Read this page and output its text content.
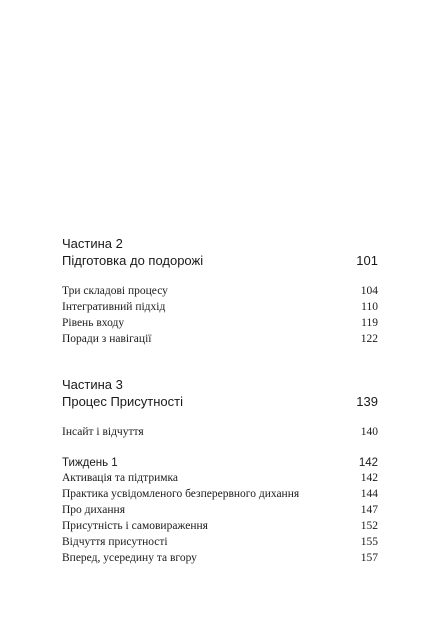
Частина 2
Підготовка до подорожі	101
Три складові процесу	104
Інтегративний підхід	110
Рівень входу	119
Поради з навігації	122
Частина 3
Процес Присутності	139
Інсайт і відчуття	140
Тиждень 1	142
Активація та підтримка	142
Практика усвідомленого безперервного дихання	144
Про дихання	147
Присутність і самовираження	152
Відчуття присутності	155
Вперед, усередину та вгору	157
